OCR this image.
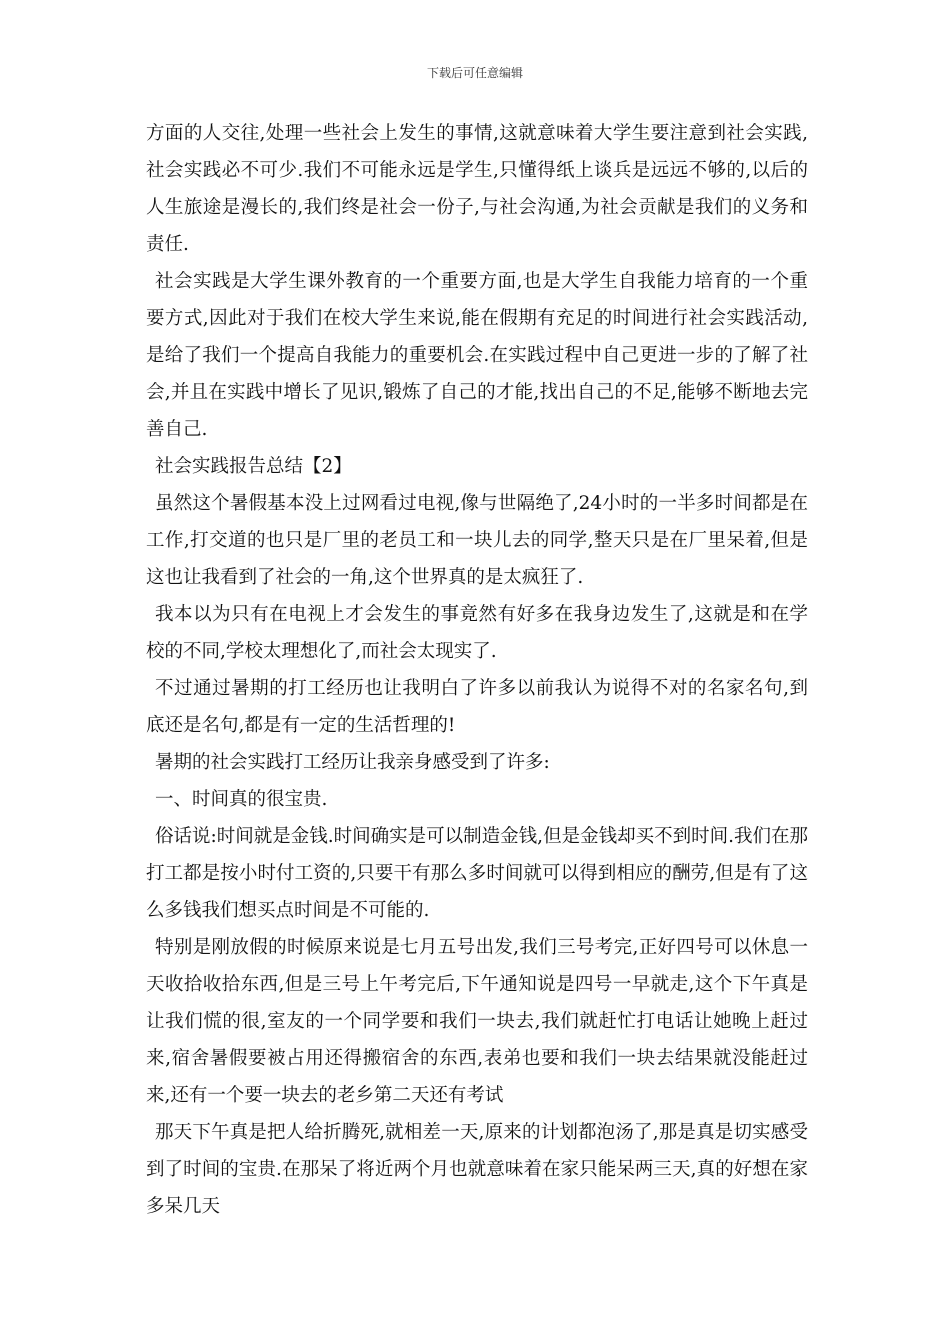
下载后可任意编辑

方面的人交往,处理一些社会上发生的事情,这就意味着大学生要注意到社会实践,社会实践必不可少.我们不可能永远是学生,只懂得纸上谈兵是远远不够的,以后的人生旅途是漫长的,我们终是社会一份子,与社会沟通,为社会贡献是我们的义务和责任.

社会实践是大学生课外教育的一个重要方面,也是大学生自我能力培育的一个重要方式,因此对于我们在校大学生来说,能在假期有充足的时间进行社会实践活动,是给了我们一个提高自我能力的重要机会.在实践过程中自己更进一步的了解了社会,并且在实践中增长了见识,锻炼了自己的才能,找出自己的不足,能够不断地去完善自己.

社会实践报告总结【2】

虽然这个暑假基本没上过网看过电视,像与世隔绝了,24小时的一半多时间都是在工作,打交道的也只是厂里的老员工和一块儿去的同学,整天只是在厂里呆着,但是这也让我看到了社会的一角,这个世界真的是太疯狂了.

我本以为只有在电视上才会发生的事竟然有好多在我身边发生了,这就是和在学校的不同,学校太理想化了,而社会太现实了.

不过通过暑期的打工经历也让我明白了许多以前我认为说得不对的名家名句,到底还是名句,都是有一定的生活哲理的!

暑期的社会实践打工经历让我亲身感受到了许多:

一、时间真的很宝贵.

俗话说:时间就是金钱.时间确实是可以制造金钱,但是金钱却买不到时间.我们在那打工都是按小时付工资的,只要干有那么多时间就可以得到相应的酬劳,但是有了这么多钱我们想买点时间是不可能的.

特别是刚放假的时候原来说是七月五号出发,我们三号考完,正好四号可以休息一天收拾收拾东西,但是三号上午考完后,下午通知说是四号一早就走,这个下午真是让我们慌的很,室友的一个同学要和我们一块去,我们就赶忙打电话让她晚上赶过来,宿舍暑假要被占用还得搬宿舍的东西,表弟也要和我们一块去结果就没能赶过来,还有一个要一块去的老乡第二天还有考试

那天下午真是把人给折腾死,就相差一天,原来的计划都泡汤了,那是真是切实感受到了时间的宝贵.在那呆了将近两个月也就意味着在家只能呆两三天,真的好想在家多呆几天
